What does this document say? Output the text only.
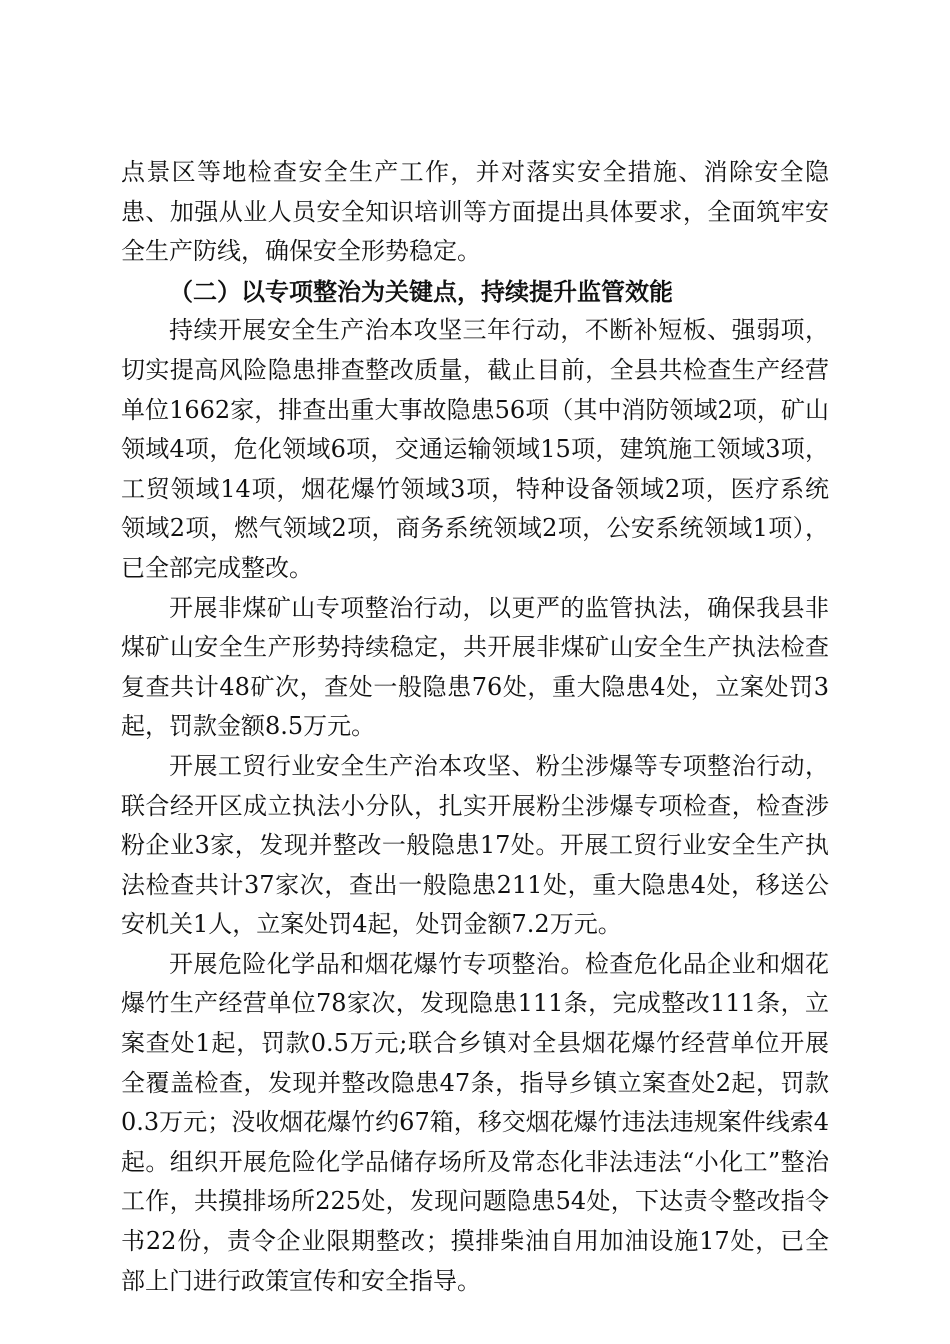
点景区等地检查安全生产工作，并对落实安全措施、消除安全隐患、加强从业人员安全知识培训等方面提出具体要求，全面筑牢安全生产防线，确保安全形势稳定。

（二）以专项整治为关键点，持续提升监管效能

持续开展安全生产治本攻坚三年行动，不断补短板、强弱项，切实提高风险隐患排查整改质量，截止目前，全县共检查生产经营单位1662家，排查出重大事故隐患56项（其中消防领域2项，矿山领域4项，危化领域6项，交通运输领域15项，建筑施工领域3项，工贸领域14项，烟花爆竹领域3项，特种设备领域2项，医疗系统领域2项，燃气领域2项，商务系统领域2项，公安系统领域1项），已全部完成整改。

开展非煤矿山专项整治行动，以更严的监管执法，确保我县非煤矿山安全生产形势持续稳定，共开展非煤矿山安全生产执法检查复查共计48矿次，查处一般隐患76处，重大隐患4处，立案处罚3起，罚款金额8.5万元。

开展工贸行业安全生产治本攻坚、粉尘涉爆等专项整治行动，联合经开区成立执法小分队，扎实开展粉尘涉爆专项检查，检查涉粉企业3家，发现并整改一般隐患17处。开展工贸行业安全生产执法检查共计37家次，查出一般隐患211处，重大隐患4处，移送公安机关1人，立案处罚4起，处罚金额7.2万元。

开展危险化学品和烟花爆竹专项整治。检查危化品企业和烟花爆竹生产经营单位78家次，发现隐患111条，完成整改111条，立案查处1起，罚款0.5万元;联合乡镇对全县烟花爆竹经营单位开展全覆盖检查，发现并整改隐患47条，指导乡镇立案查处2起，罚款0.3万元；没收烟花爆竹约67箱，移交烟花爆竹违法违规案件线索4起。组织开展危险化学品储存场所及常态化非法违法“小化工”整治工作，共摸排场所225处，发现问题隐患54处，下达责令整改指令书22份，责令企业限期整改；摸排柴油自用加油设施17处，已全部上门进行政策宣传和安全指导。
